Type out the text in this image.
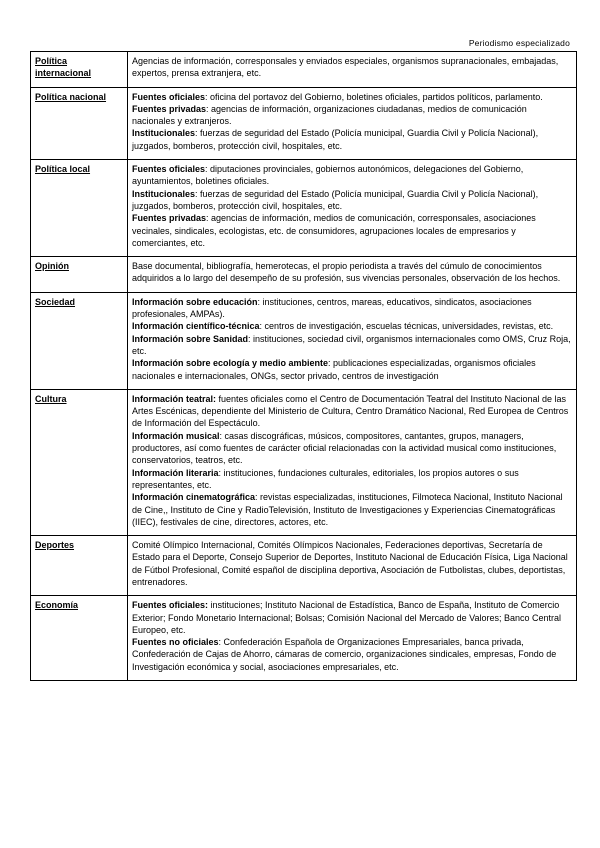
Periodismo especializado
Política internacional	Agencias de información, corresponsales y enviados especiales, organismos supranacionales, embajadas, expertos, prensa extranjera, etc.

Política nacional	Fuentes oficiales: oficina del portavoz del Gobierno, boletines oficiales, partidos políticos, parlamento.
Fuentes privadas: agencias de información, organizaciones ciudadanas, medios de comunicación nacionales y extranjeros.
Institucionales: fuerzas de seguridad del Estado (Policía municipal, Guardia Civil y Policía Nacional), juzgados, bomberos, protección civil, hospitales, etc.

Política local	Fuentes oficiales: diputaciones provinciales, gobiernos autonómicos, delegaciones del Gobierno, ayuntamientos, boletines oficiales.
Institucionales: fuerzas de seguridad del Estado (Policía municipal, Guardia Civil y Policía Nacional), juzgados, bomberos, protección civil, hospitales, etc.
Fuentes privadas: agencias de información, medios de comunicación, corresponsales, asociaciones vecinales, sindicales, ecologistas, etc. de consumidores, agrupaciones locales de empresarios y comerciantes, etc.

Opinión	Base documental, bibliografía, hemerotecas, el propio periodista a través del cúmulo de conocimientos adquiridos a lo largo del desempeño de su profesión, sus vivencias personales, observación de los hechos.

Sociedad	Información sobre educación: instituciones, centros, mareas, educativos, sindicatos, asociaciones profesionales, AMPAs).
Información científico-técnica: centros de investigación, escuelas técnicas, universidades, revistas, etc.
Información sobre Sanidad: instituciones, sociedad civil, organismos internacionales como OMS, Cruz Roja, etc.
Información sobre ecología y medio ambiente: publicaciones especializadas, organismos oficiales nacionales e internacionales, ONGs, sector privado, centros de investigación

Cultura	Información teatral: fuentes oficiales como el Centro de Documentación Teatral del Instituto Nacional de las Artes Escénicas, dependiente del Ministerio de Cultura, Centro Dramático Nacional, Red Europea de Centros de Información del Espectáculo.
Información musical: casas discográficas, músicos, compositores, cantantes, grupos, managers, productores, así como fuentes de carácter oficial relacionadas con la actividad musical como instituciones, conservatorios, teatros, etc.
Información literaria: instituciones, fundaciones culturales, editoriales, los propios autores o sus representantes, etc.
Información cinematográfica: revistas especializadas, instituciones, Filmoteca Nacional, Instituto Nacional de Cine,, Instituto de Cine y RadioTelevisión, Instituto de Investigaciones y Experiencias Cinematográficas (IIEC), festivales de cine, directores, actores, etc.

Deportes	Comité Olímpico Internacional, Comités Olímpicos Nacionales, Federaciones deportivas, Secretaría de Estado para el Deporte, Consejo Superior de Deportes, Instituto Nacional de Educación Física, Liga Nacional de Fútbol Profesional, Comité español de disciplina deportiva, Asociación de Futbolistas, clubes, deportistas, entrenadores.

Economía	Fuentes oficiales: instituciones; Instituto Nacional de Estadística, Banco de España, Instituto de Comercio Exterior; Fondo Monetario Internacional; Bolsas; Comisión Nacional del Mercado de Valores; Banco Central Europeo, etc.
Fuentes no oficiales: Confederación Española de Organizaciones Empresariales, banca privada, Confederación de Cajas de Ahorro, cámaras de comercio, organizaciones sindicales, empresas, Fondo de Investigación económica y social, asociaciones empresariales, etc.
